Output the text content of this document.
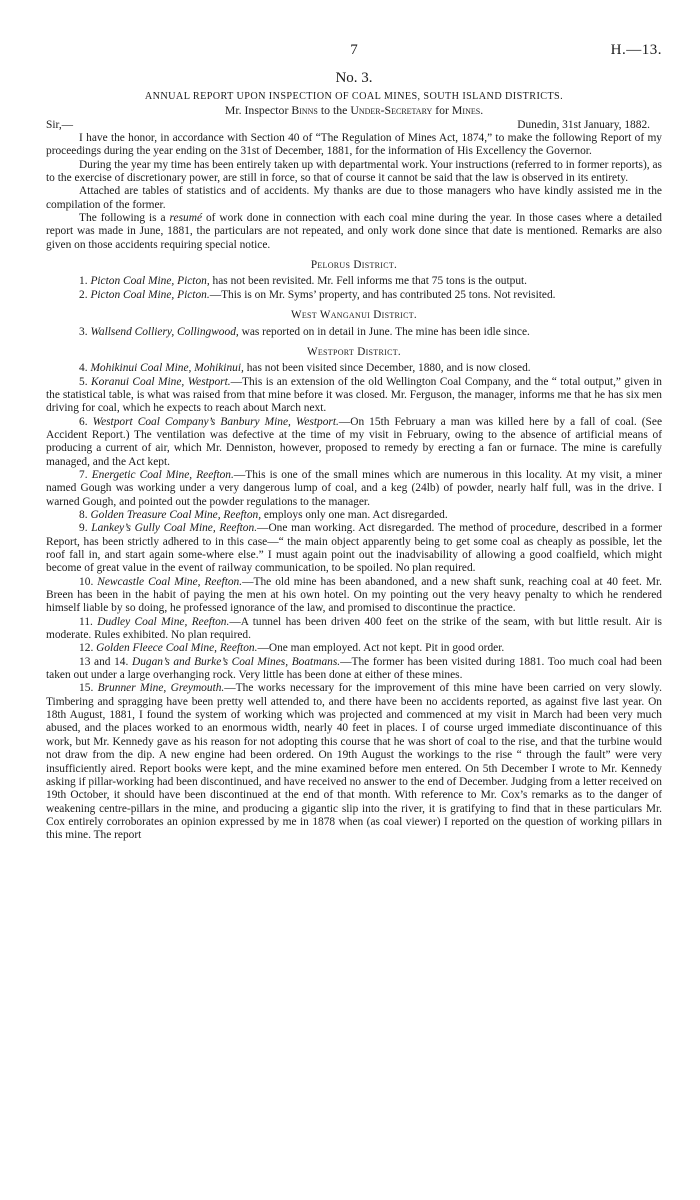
7	H.—13.
No. 3.
ANNUAL REPORT UPON INSPECTION OF COAL MINES, SOUTH ISLAND DISTRICTS.
Mr. Inspector Binns to the Under-Secretary for Mines.
Sir,—	Dunedin, 31st January, 1882.

I have the honor, in accordance with Section 40 of “The Regulation of Mines Act, 1874,” to make the following Report of my proceedings during the year ending on the 31st of December, 1881, for the information of His Excellency the Governor.

During the year my time has been entirely taken up with departmental work. Your instructions (referred to in former reports), as to the exercise of discretionary power, are still in force, so that of course it cannot be said that the law is observed in its entirety.

Attached are tables of statistics and of accidents. My thanks are due to those managers who have kindly assisted me in the compilation of the former.

The following is a resumé of work done in connection with each coal mine during the year. In those cases where a detailed report was made in June, 1881, the particulars are not repeated, and only work done since that date is mentioned. Remarks are also given on those accidents requiring special notice.

Pelorus District.

1. Picton Coal Mine, Picton, has not been revisited. Mr. Fell informs me that 75 tons is the output.

2. Picton Coal Mine, Picton.—This is on Mr. Syms’ property, and has contributed 25 tons. Not revisited.

West Wanganui District.

3. Wallsend Colliery, Collingwood, was reported on in detail in June. The mine has been idle since.

Westport District.

4. Mohikinui Coal Mine, Mohikinui, has not been visited since December, 1880, and is now closed.

5. Koranui Coal Mine, Westport.—This is an extension of the old Wellington Coal Company, and the “ total output,” given in the statistical table, is what was raised from that mine before it was closed. Mr. Ferguson, the manager, informs me that he has six men driving for coal, which he expects to reach about March next.

6. Westport Coal Company’s Banbury Mine, Westport.—On 15th February a man was killed here by a fall of coal. (See Accident Report.) The ventilation was defective at the time of my visit in February, owing to the absence of artificial means of producing a current of air, which Mr. Denniston, however, proposed to remedy by erecting a fan or furnace. The mine is carefully managed, and the Act kept.

7. Energetic Coal Mine, Reefton.—This is one of the small mines which are numerous in this locality. At my visit, a miner named Gough was working under a very dangerous lump of coal, and a keg (24lb) of powder, nearly half full, was in the drive. I warned Gough, and pointed out the powder regulations to the manager.

8. Golden Treasure Coal Mine, Reefton, employs only one man. Act disregarded.

9. Lankey’s Gully Coal Mine, Reefton.—One man working. Act disregarded. The method of procedure, described in a former Report, has been strictly adhered to in this case—“ the main object apparently being to get some coal as cheaply as possible, let the roof fall in, and start again some-where else.” I must again point out the inadvisability of allowing a good coalfield, which might become of great value in the event of railway communication, to be spoiled. No plan required.

10. Newcastle Coal Mine, Reefton.—The old mine has been abandoned, and a new shaft sunk, reaching coal at 40 feet. Mr. Breen has been in the habit of paying the men at his own hotel. On my pointing out the very heavy penalty to which he rendered himself liable by so doing, he professed ignorance of the law, and promised to discontinue the practice.

11. Dudley Coal Mine, Reefton.—A tunnel has been driven 400 feet on the strike of the seam, with but little result. Air is moderate. Rules exhibited. No plan required.

12. Golden Fleece Coal Mine, Reefton.—One man employed. Act not kept. Pit in good order.

13 and 14. Dugan’s and Burke’s Coal Mines, Boatmans.—The former has been visited during 1881. Too much coal had been taken out under a large overhanging rock. Very little has been done at either of these mines.

15. Brunner Mine, Greymouth.—The works necessary for the improvement of this mine have been carried on very slowly. Timbering and spragging have been pretty well attended to, and there have been no accidents reported, as against five last year. On 18th August, 1881, I found the system of working which was projected and commenced at my visit in March had been very much abused, and the places worked to an enormous width, nearly 40 feet in places. I of course urged immediate discontinuance of this work, but Mr. Kennedy gave as his reason for not adopting this course that he was short of coal to the rise, and that the turbine would not draw from the dip. A new engine had been ordered. On 19th August the workings to the rise “ through the fault” were very insufficiently aired. Report books were kept, and the mine examined before men entered. On 5th December I wrote to Mr. Kennedy asking if pillar-working had been discontinued, and have received no answer to the end of December. Judging from a letter received on 19th October, it should have been discontinued at the end of that month. With reference to Mr. Cox’s remarks as to the danger of weakening centre-pillars in the mine, and producing a gigantic slip into the river, it is gratifying to find that in these particulars Mr. Cox entirely corroborates an opinion expressed by me in 1878 when (as coal viewer) I reported on the question of working pillars in this mine. The report
